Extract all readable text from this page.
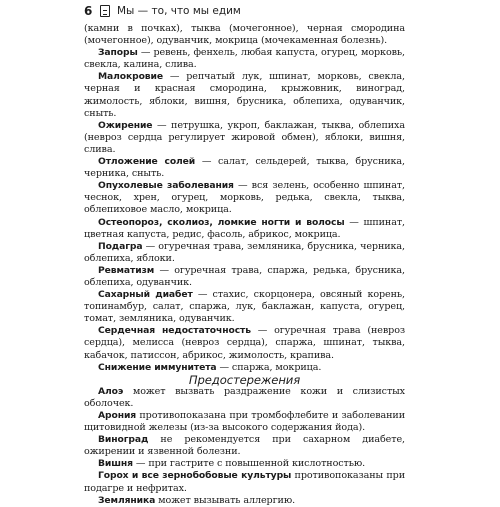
6	Мы — то, что мы едим

(камни в почках), тыква (мочегонное), черная смородина (мочегонное), одуванчик, мокрица (мочекаменная болезнь).

Запоры — ревень, фенхель, любая капуста, огурец, морковь, свекла, калина, слива.

Малокровие — репчатый лук, шпинат, морковь, свекла, черная и красная смородина, крыжовник, виноград, жимолость, яблоки, вишня, брусника, облепиха, одуванчик, сныть.

Ожирение — петрушка, укроп, баклажан, тыква, облепиха (невроз сердца регулирует жировой обмен), яблоки, вишня, слива.

Отложение солей — салат, сельдерей, тыква, брусника, черника, сныть.

Опухолевые заболевания — вся зелень, особенно шпинат, чеснок, хрен, огурец, морковь, редька, свекла, тыква, облепиховое масло, мокрица.

Остеопороз, сколиоз, ломкие ногти и волосы — шпинат, цветная капуста, редис, фасоль, абрикос, мокрица.

Подагра — огуречная трава, земляника, брусника, черника, облепиха, яблоки.

Ревматизм — огуречная трава, спаржа, редька, брусника, облепиха, одуванчик.

Сахарный диабет — стахис, скорцонера, овсяный корень, топинамбур, салат, спаржа, лук, баклажан, капуста, огурец, томат, земляника, одуванчик.

Сердечная недостаточность — огуречная трава (невроз сердца), мелисса (невроз сердца), спаржа, шпинат, тыква, кабачок, патиссон, абрикос, жимолость, крапива.

Снижение иммунитета — спаржа, мокрица.

Предостережения

Алоэ может вызвать раздражение кожи и слизистых оболочек.

Арония противопоказана при тромбофлебите и заболевании щитовидной железы (из-за высокого содержания йода).

Виноград не рекомендуется при сахарном диабете, ожирении и язвенной болезни.

Вишня — при гастрите с повышенной кислотностью.

Горох и все зернобобовые культуры противопоказаны при подагре и нефритах.

Земляника может вызывать аллергию.
